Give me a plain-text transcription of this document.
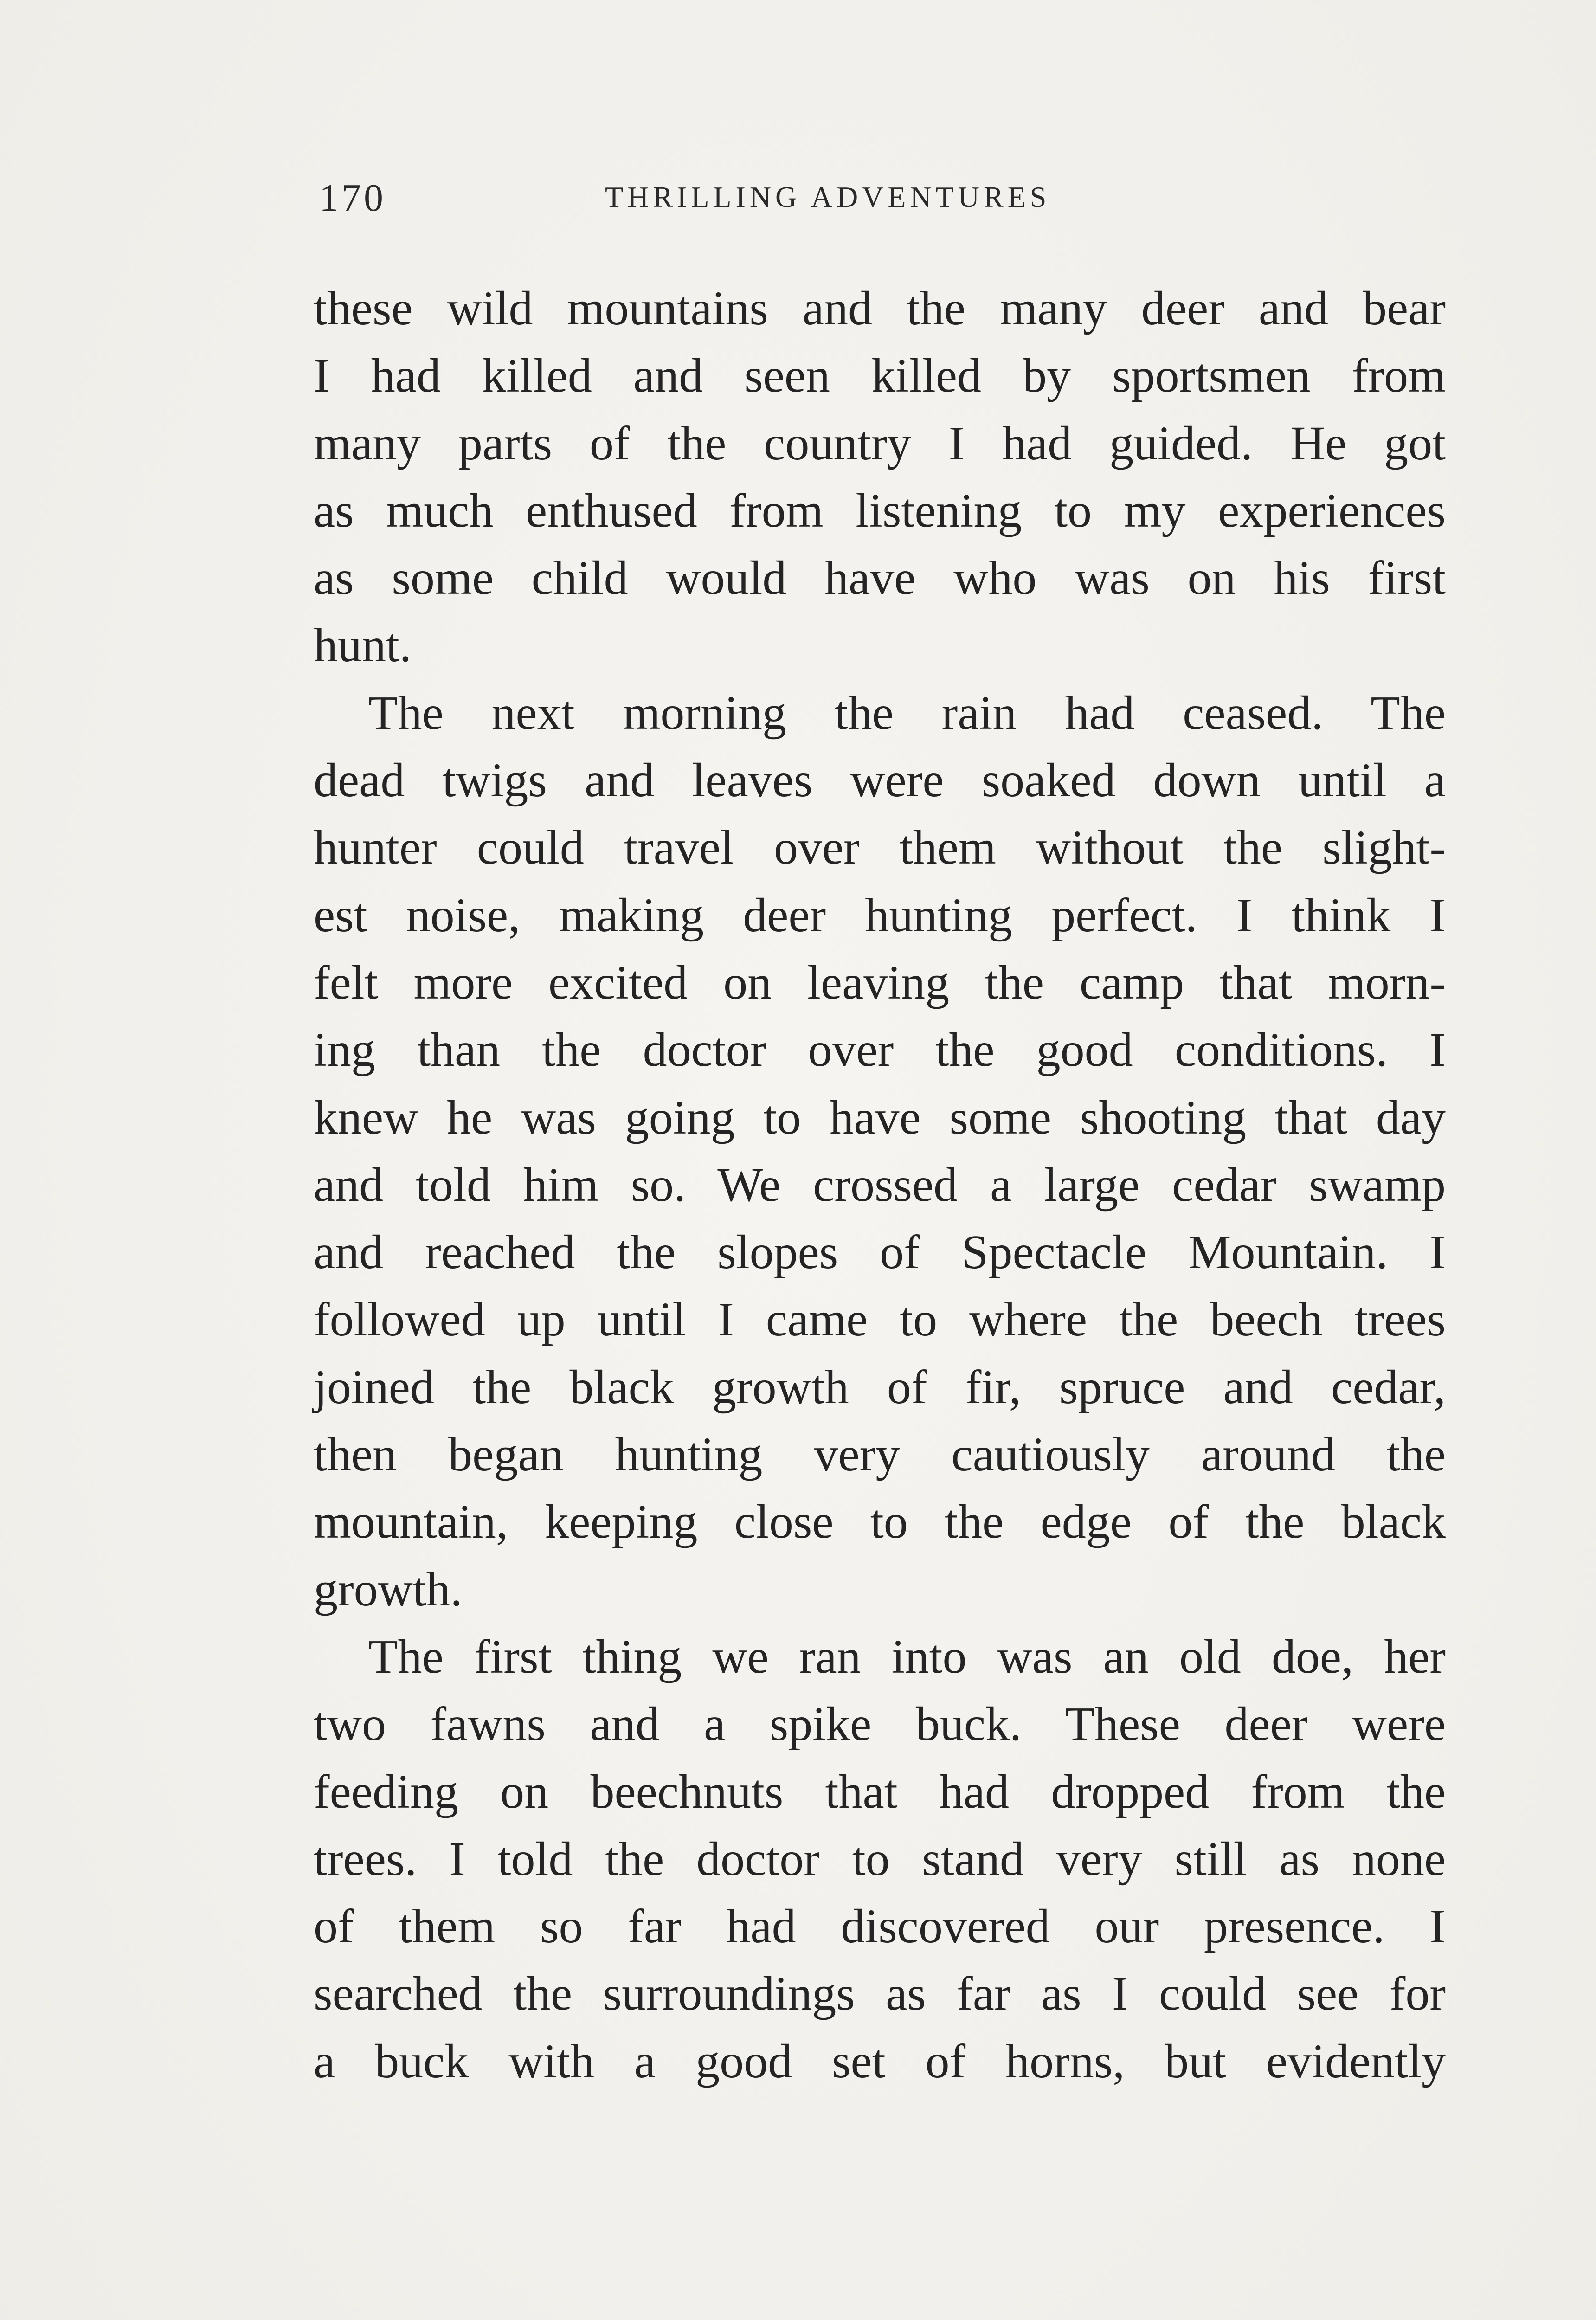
170	THRILLING ADVENTURES
these wild mountains and the many deer and bear
I had killed and seen killed by sportsmen from
many parts of the country I had guided. He got
as much enthused from listening to my experiences
as some child would have who was on his first
hunt.
The next morning the rain had ceased. The
dead twigs and leaves were soaked down until a
hunter could travel over them without the slight-
est noise, making deer hunting perfect. I think I
felt more excited on leaving the camp that morn-
ing than the doctor over the good conditions. I
knew he was going to have some shooting that day
and told him so. We crossed a large cedar swamp
and reached the slopes of Spectacle Mountain. I
followed up until I came to where the beech trees
joined the black growth of fir, spruce and cedar,
then began hunting very cautiously around the
mountain, keeping close to the edge of the black
growth.
The first thing we ran into was an old doe, her
two fawns and a spike buck. These deer were
feeding on beechnuts that had dropped from the
trees. I told the doctor to stand very still as none
of them so far had discovered our presence. I
searched the surroundings as far as I could see for
a buck with a good set of horns, but evidently
